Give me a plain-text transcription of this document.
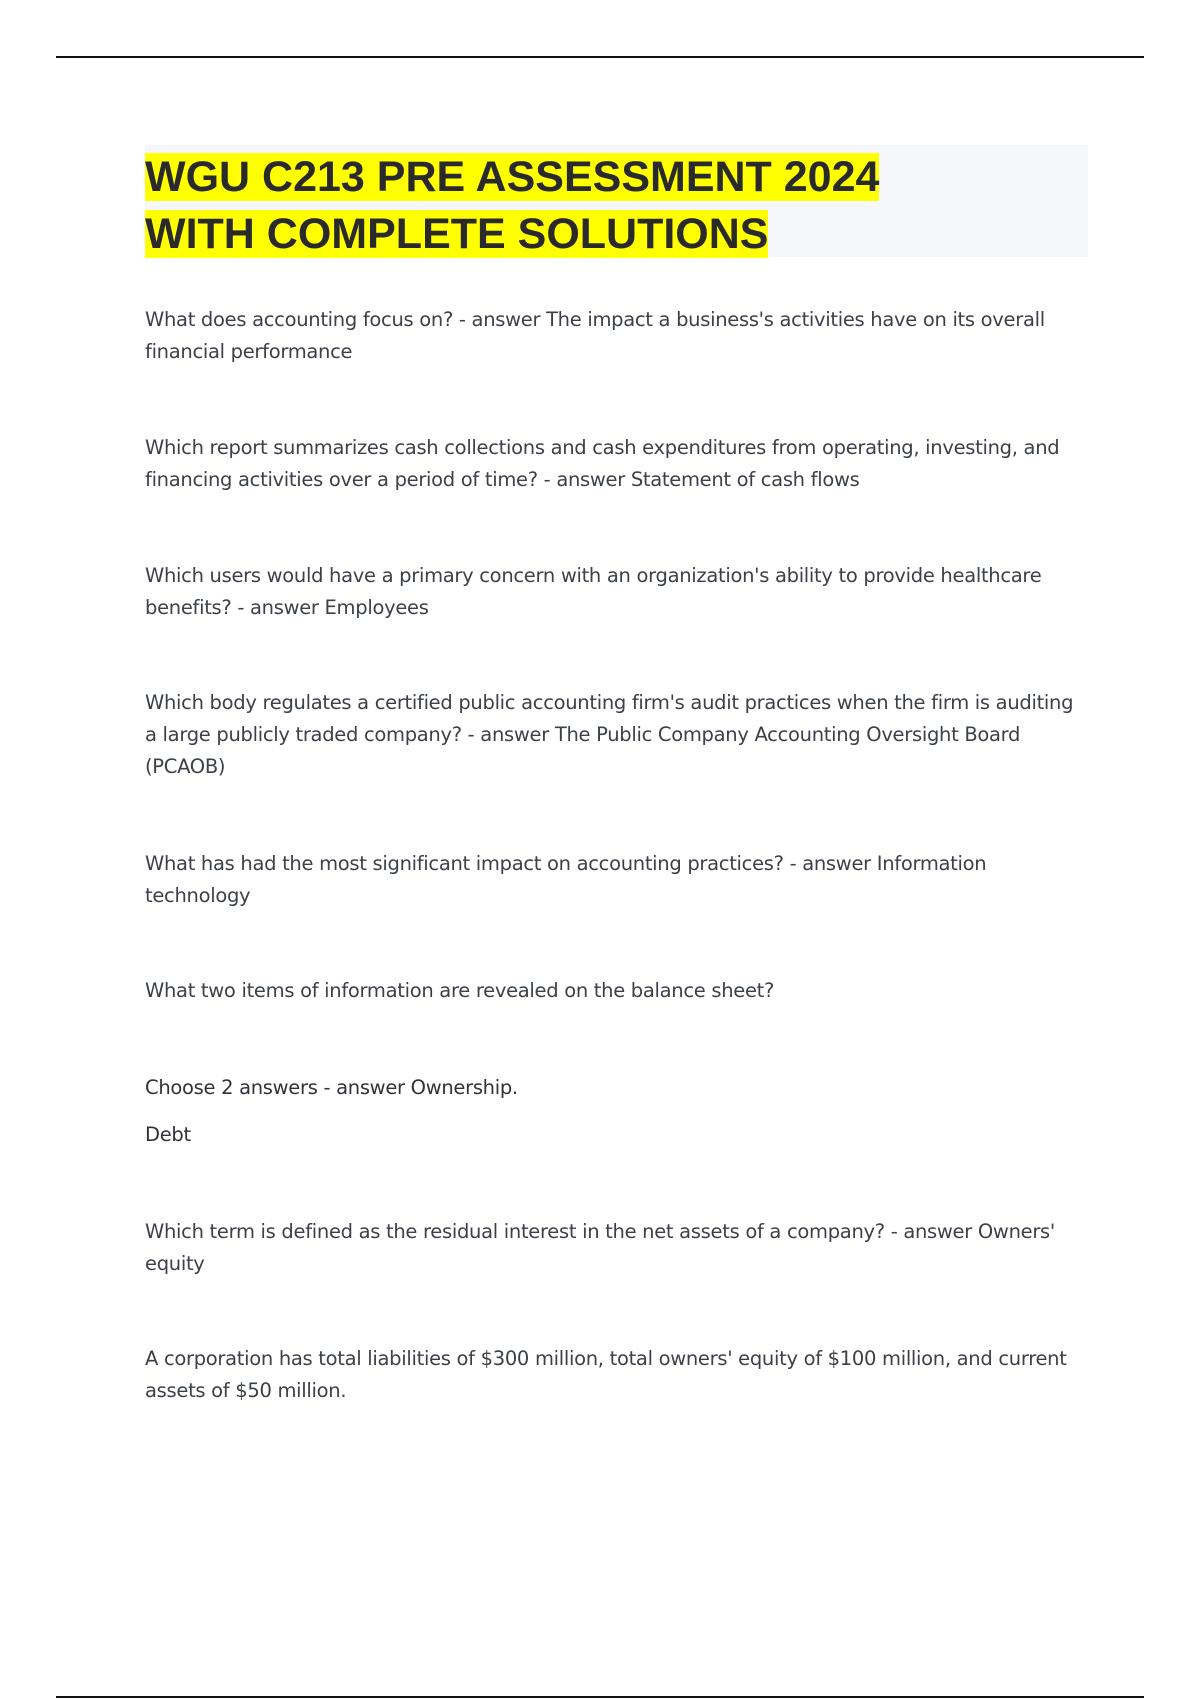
WGU C213 PRE ASSESSMENT 2024
WITH COMPLETE SOLUTIONS

What does accounting focus on? - answer The impact a business's activities have on its overall financial performance

Which report summarizes cash collections and cash expenditures from operating, investing, and financing activities over a period of time? - answer Statement of cash flows

Which users would have a primary concern with an organization's ability to provide healthcare benefits? - answer Employees

Which body regulates a certified public accounting firm's audit practices when the firm is auditing a large publicly traded company? - answer The Public Company Accounting Oversight Board (PCAOB)

What has had the most significant impact on accounting practices? - answer Information technology

What two items of information are revealed on the balance sheet?

Choose 2 answers - answer Ownership.

Debt

Which term is defined as the residual interest in the net assets of a company? - answer Owners' equity

A corporation has total liabilities of $300 million, total owners' equity of $100 million, and current assets of $50 million.
